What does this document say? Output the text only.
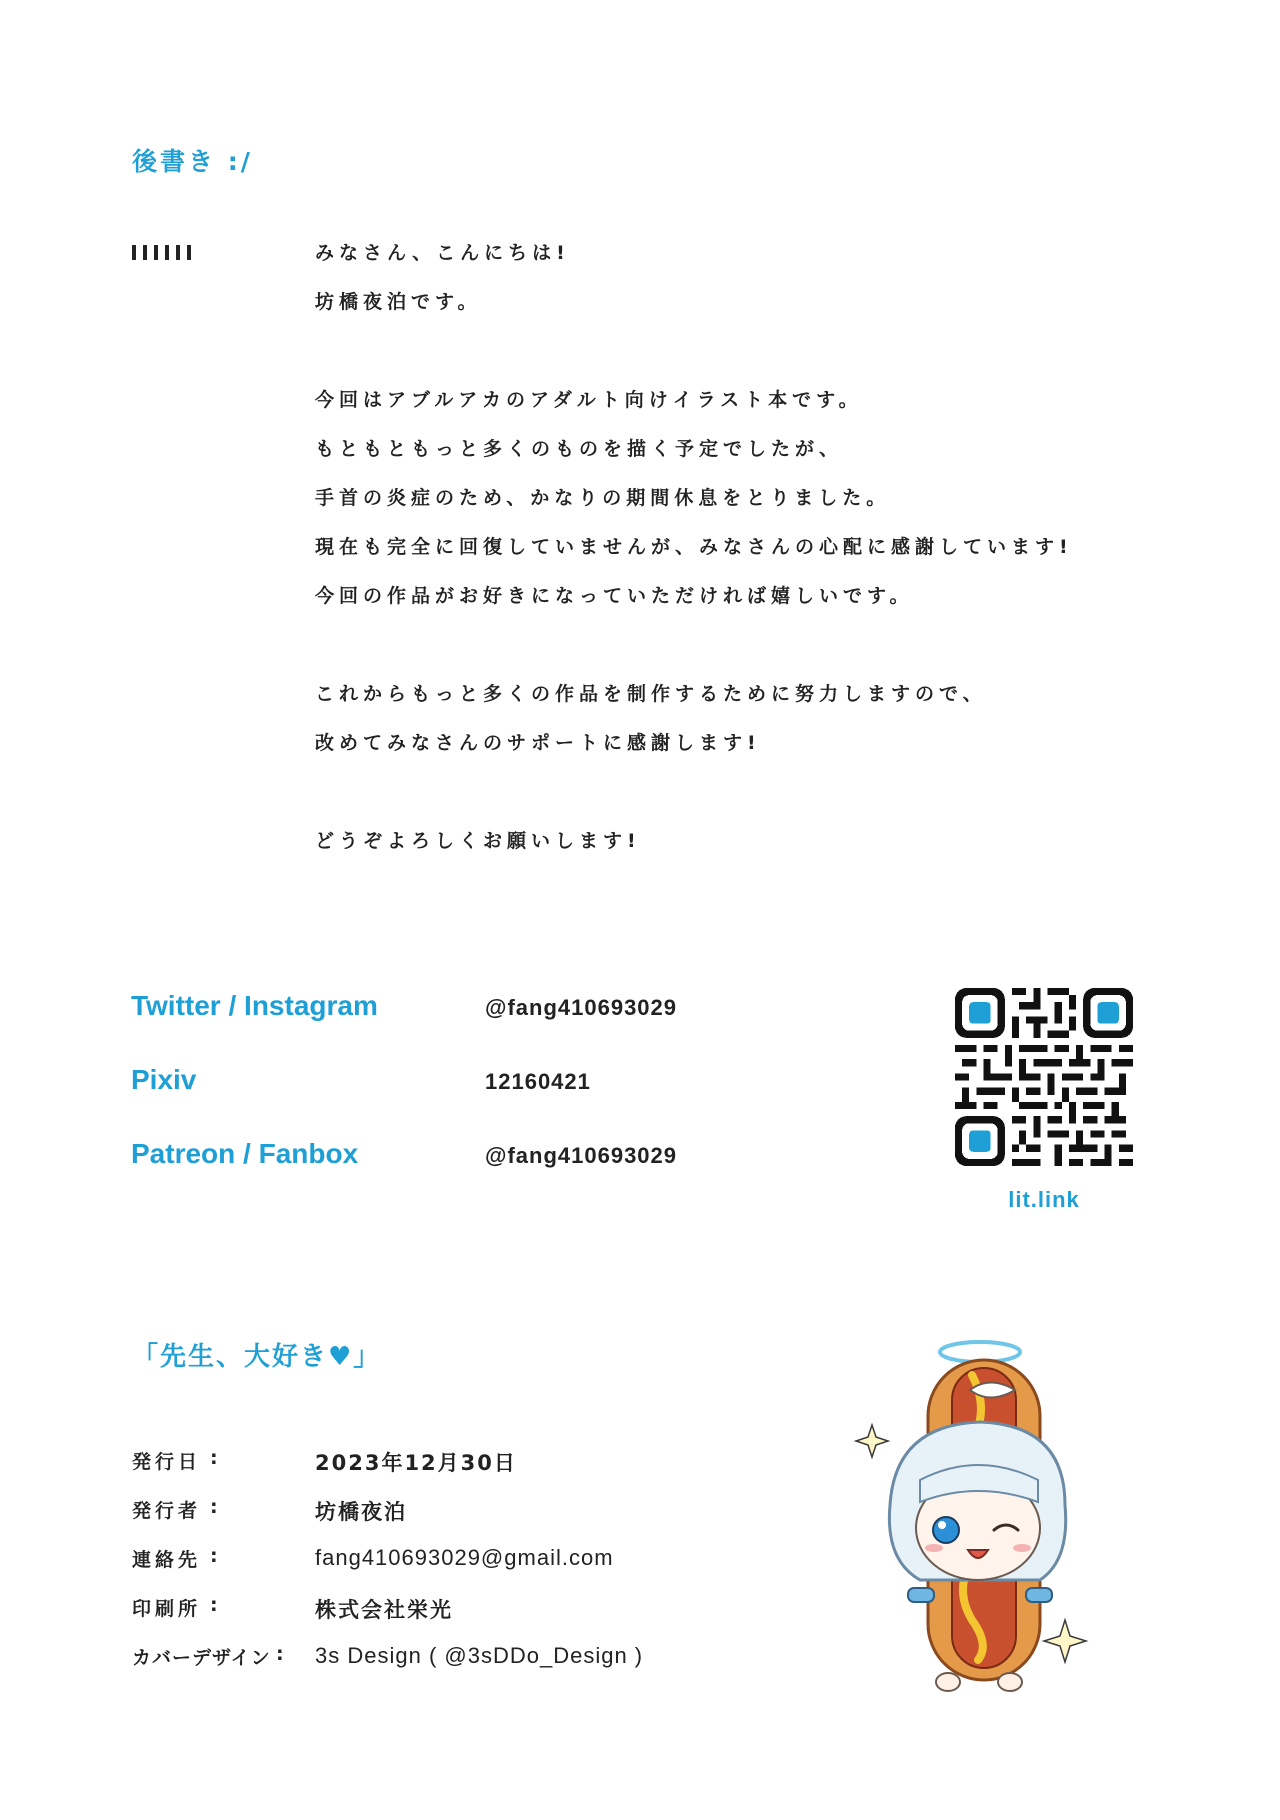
後書き :/
みなさん、こんにちは!
坊橋夜泊です。
今回はアブルアカのアダルト向けイラスト本です。
もともともっと多くのものを描く予定でしたが、
手首の炎症のため、かなりの期間休息をとりました。
現在も完全に回復していませんが、みなさんの心配に感謝しています!
今回の作品がお好きになっていただければ嬉しいです。
これからもっと多くの作品を制作するために努力しますので、
改めてみなさんのサポートに感謝します!
どうぞよろしくお願いします!
Twitter / Instagram	@fang410693029
Pixiv	12160421
Patreon / Fanbox	@fang410693029
lit.link
「先生、大好き♥」
発行日 :	2023年12月30日
発行者 :	坊橋夜泊
連絡先 :	fang410693029@gmail.com
印刷所 :	株式会社栄光
カバーデザイン : 3s Design ( @3sDDo_Design )
